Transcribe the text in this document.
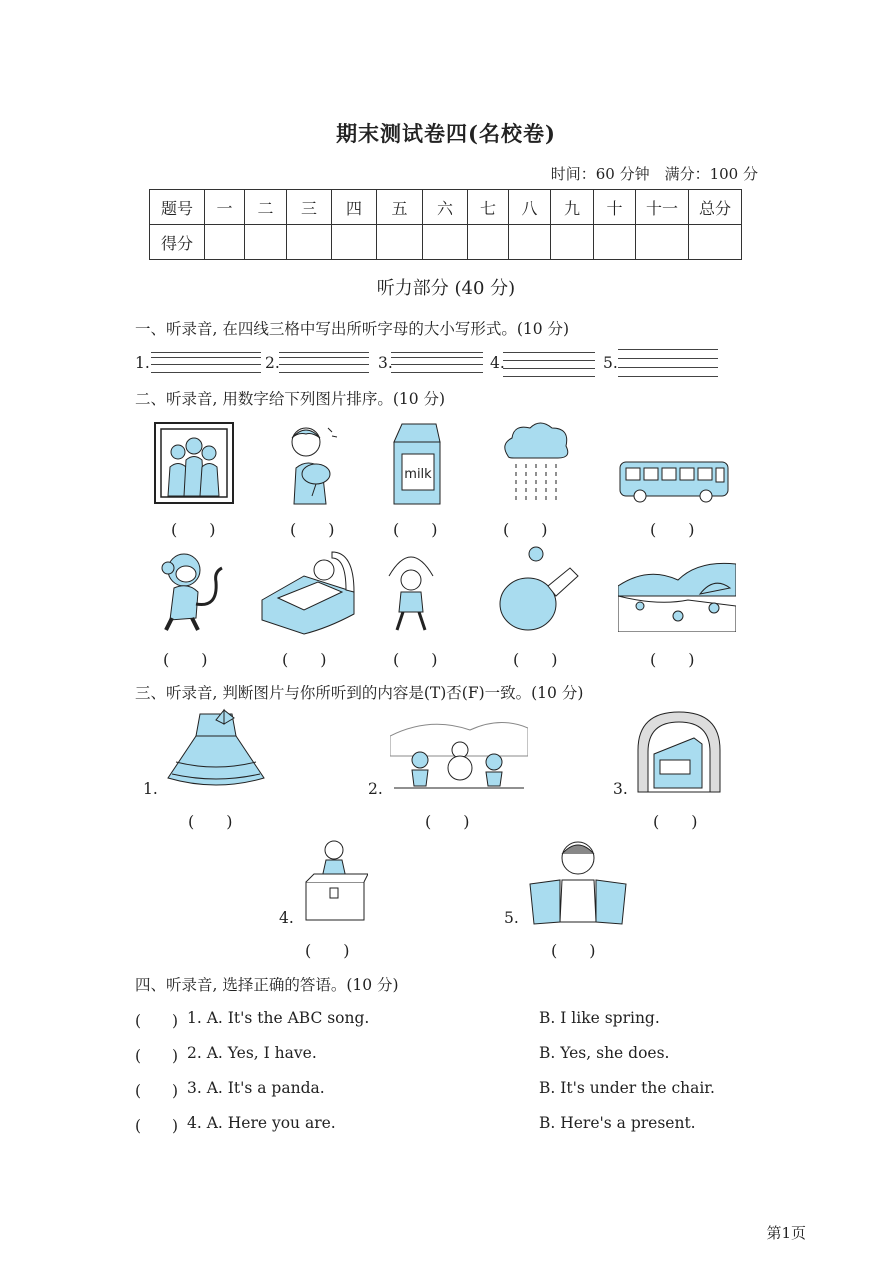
期末测试卷四(名校卷)
时间：60 分钟　满分：100 分
题号	一	二	三	四	五	六	七	八	九	十	十一	总分
得分												
听力部分 (40 分)
一、听录音, 在四线三格中写出所听字母的大小写形式。(10 分)
1.	2.	3.	4.	5.
二、听录音, 用数字给下列图片排序。(10 分)
milk
(　　)	(　　)	(　　)	(　　)	(　　)
(　　)	(　　)	(　　)	(　　)	(　　)
三、听录音, 判断图片与你所听到的内容是(T)否(F)一致。(10 分)
1.
(　　)
2.
(　　)
3.
(　　)
4.
(　　)
5.
(　　)
四、听录音, 选择正确的答语。(10 分)
(　　) 1. A. It's the ABC song.	B. I like spring.
(　　) 2. A. Yes, I have.	B. Yes, she does.
(　　) 3. A. It's a panda.	B. It's under the chair.
(　　) 4. A. Here you are.	B. Here's a present.
第1页
